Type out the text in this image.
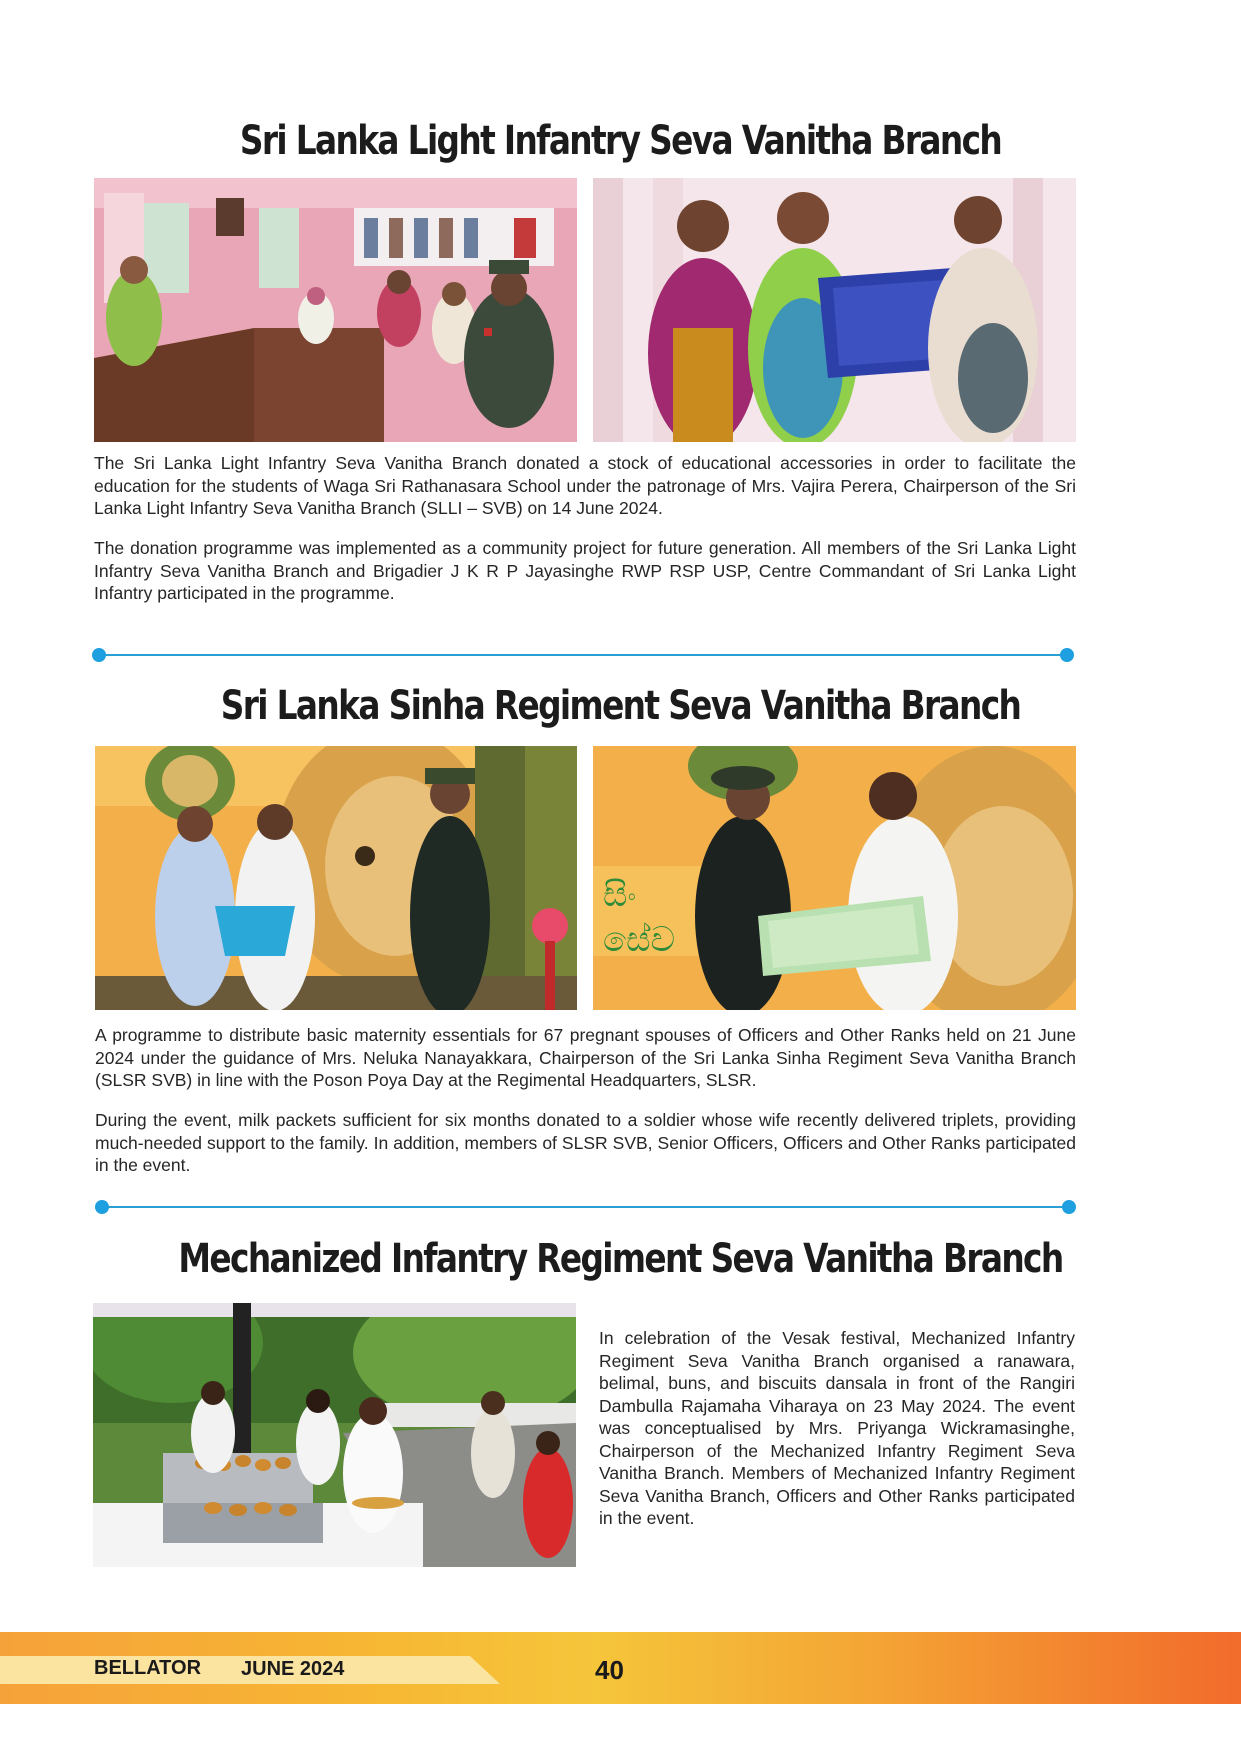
Sri Lanka Light Infantry Seva Vanitha Branch

The Sri Lanka Light Infantry Seva Vanitha Branch donated a stock of educational accessories in order to facilitate the education for the students of Waga Sri Rathanasara School under the patronage of Mrs. Vajira Perera, Chairperson of the Sri Lanka Light Infantry Seva Vanitha Branch (SLLI – SVB) on 14 June 2024.

The donation programme was implemented as a community project for future generation. All members of the Sri Lanka Light Infantry Seva Vanitha Branch and Brigadier J K R P Jayasinghe RWP RSP USP, Centre Commandant of Sri Lanka Light Infantry participated in the programme.

Sri Lanka Sinha Regiment Seva Vanitha Branch
සිං
සේව

A programme to distribute basic maternity essentials for 67 pregnant spouses of Officers and Other Ranks held on 21 June 2024 under the guidance of Mrs. Neluka Nanayakkara, Chairperson of the Sri Lanka Sinha Regiment Seva Vanitha Branch (SLSR SVB) in line with the Poson Poya Day at the Regimental Headquarters, SLSR.

During the event, milk packets sufficient for six months donated to a soldier whose wife recently delivered triplets, providing much-needed support to the family. In addition, members of SLSR SVB, Senior Officers, Officers and Other Ranks participated in the event.

Mechanized Infantry Regiment Seva Vanitha Branch

In celebration of the Vesak festival, Mechanized Infantry Regiment Seva Vanitha Branch organised a ranawara, belimal, buns, and biscuits dansala in front of the Rangiri Dambulla Rajamaha Viharaya on 23 May 2024. The event was conceptualised by Mrs. Priyanga Wickramasinghe, Chairperson of the Mechanized Infantry Regiment Seva Vanitha Branch. Members of Mechanized Infantry Regiment Seva Vanitha Branch, Officers and Other Ranks participated in the event.

BELLATOR JUNE 2024	40
